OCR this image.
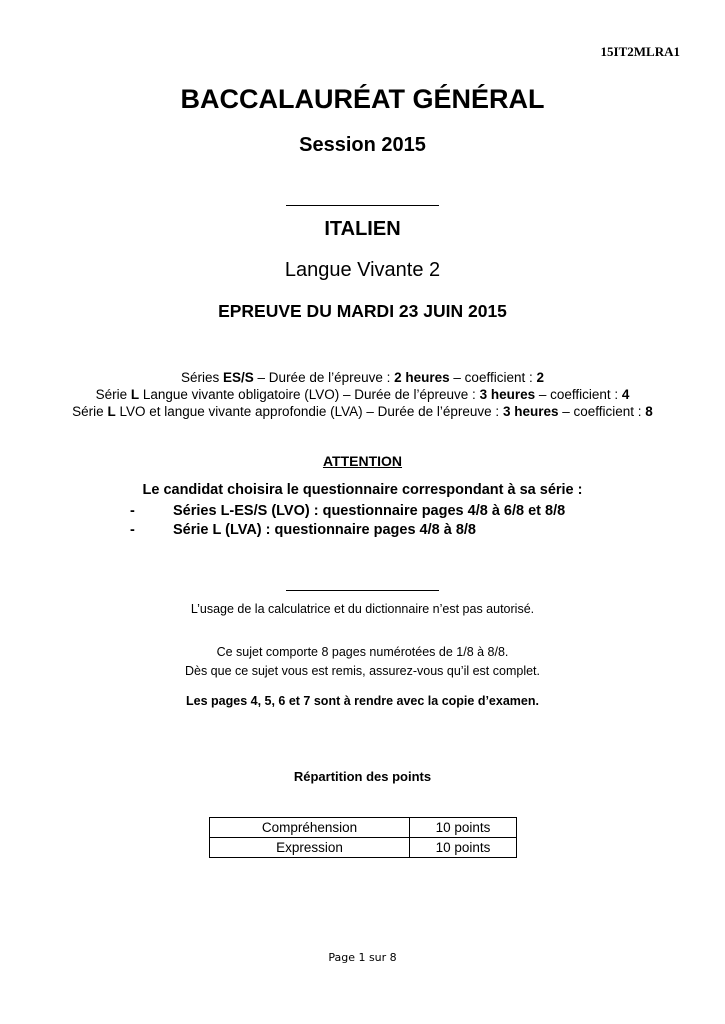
15IT2MLRA1
BACCALAURÉAT GÉNÉRAL
Session 2015
ITALIEN
Langue Vivante 2
EPREUVE DU MARDI 23 JUIN 2015
Séries ES/S – Durée de l’épreuve : 2 heures – coefficient : 2
Série L Langue vivante obligatoire (LVO) – Durée de l’épreuve : 3 heures – coefficient : 4
Série L LVO et langue vivante approfondie (LVA) – Durée de l’épreuve : 3 heures – coefficient : 8
ATTENTION
Le candidat choisira le questionnaire correspondant à sa série :
-	Séries L-ES/S (LVO) : questionnaire pages 4/8 à 6/8 et 8/8
-	Série L (LVA) : questionnaire pages 4/8 à 8/8
L’usage de la calculatrice et du dictionnaire n’est pas autorisé.
Ce sujet comporte 8 pages numérotées de 1/8 à 8/8.
Dès que ce sujet vous est remis, assurez-vous qu’il est complet.
Les pages 4, 5, 6 et 7 sont à rendre avec la copie d’examen.
Répartition des points
Compréhension	10 points
Expression	10 points
Page 1 sur 8
